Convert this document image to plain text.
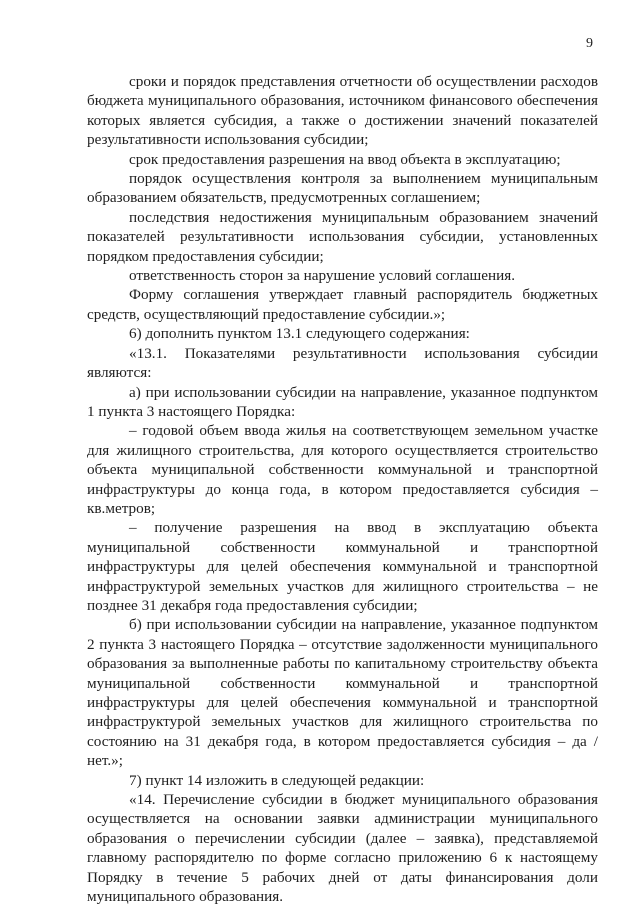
9

сроки и порядок представления отчетности об осуществлении расходов бюджета муниципального образования, источником финансового обеспечения которых является субсидия, а также о достижении значений показателей результативности использования субсидии;

срок предоставления разрешения на ввод объекта в эксплуатацию;

порядок осуществления контроля за выполнением муниципальным образованием обязательств, предусмотренных соглашением;

последствия недостижения муниципальным образованием значений показателей результативности использования субсидии, установленных порядком предоставления субсидии;

ответственность сторон за нарушение условий соглашения.

Форму соглашения утверждает главный распорядитель бюджетных средств, осуществляющий предоставление субсидии.»;

6) дополнить пунктом 13.1 следующего содержания:

«13.1. Показателями результативности использования субсидии являются:

а) при использовании субсидии на направление, указанное подпунктом 1 пункта 3 настоящего Порядка:

– годовой объем ввода жилья на соответствующем земельном участке для жилищного строительства, для которого осуществляется строительство объекта муниципальной собственности коммунальной и транспортной инфраструктуры до конца года, в котором предоставляется субсидия – кв.метров;

– получение разрешения на ввод в эксплуатацию объекта муниципальной собственности коммунальной и транспортной инфраструктуры для целей обеспечения коммунальной и транспортной инфраструктурой земельных участков для жилищного строительства – не позднее 31 декабря года предоставления субсидии;

б) при использовании субсидии на направление, указанное подпунктом 2 пункта 3 настоящего Порядка – отсутствие задолженности муниципального образования за выполненные работы по капитальному строительству объекта муниципальной собственности коммунальной и транспортной инфраструктуры для целей обеспечения коммунальной и транспортной инфраструктурой земельных участков для жилищного строительства по состоянию на 31 декабря года, в котором предоставляется субсидия – да / нет.»;

7) пункт 14 изложить в следующей редакции:

«14. Перечисление субсидии в бюджет муниципального образования осуществляется на основании заявки администрации муниципального образования о перечислении субсидии (далее – заявка), представляемой главному распорядителю по форме согласно приложению 6 к настоящему Порядку в течение 5 рабочих дней от даты финансирования доли муниципального образования.
